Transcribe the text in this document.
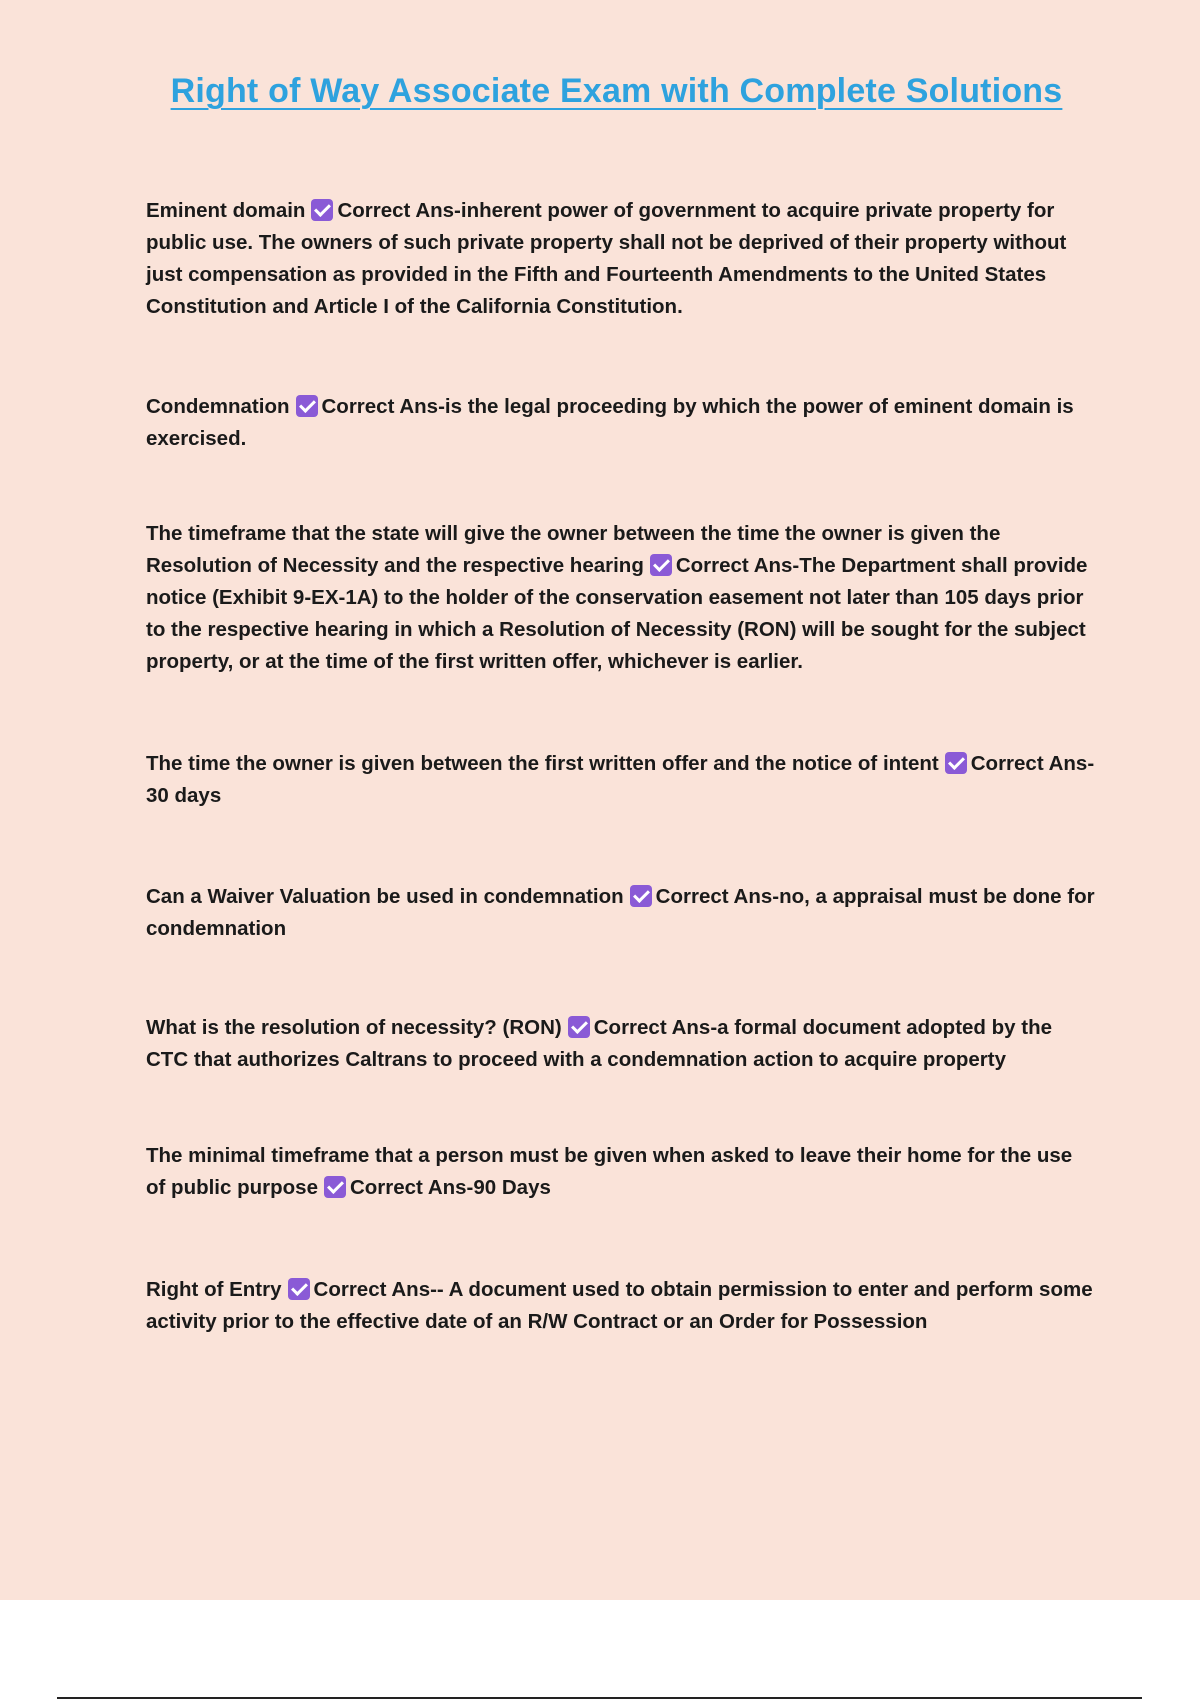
Right of Way Associate Exam with Complete Solutions

Eminent domain Correct Ans-inherent power of government to acquire private property for public use. The owners of such private property shall not be deprived of their property without just compensation as provided in the Fifth and Fourteenth Amendments to the United States Constitution and Article I of the California Constitution.

Condemnation Correct Ans-is the legal proceeding by which the power of eminent domain is exercised.

The timeframe that the state will give the owner between the time the owner is given the Resolution of Necessity and the respective hearing Correct Ans-The Department shall provide notice (Exhibit 9-EX-1A) to the holder of the conservation easement not later than 105 days prior to the respective hearing in which a Resolution of Necessity (RON) will be sought for the subject property, or at the time of the first written offer, whichever is earlier.

The time the owner is given between the first written offer and the notice of intent Correct Ans-30 days

Can a Waiver Valuation be used in condemnation Correct Ans-no, a appraisal must be done for condemnation

What is the resolution of necessity? (RON) Correct Ans-a formal document adopted by the CTC that authorizes Caltrans to proceed with a condemnation action to acquire property

The minimal timeframe that a person must be given when asked to leave their home for the use of public purpose Correct Ans-90 Days

Right of Entry Correct Ans-- A document used to obtain permission to enter and perform some activity prior to the effective date of an R/W Contract or an Order for Possession
